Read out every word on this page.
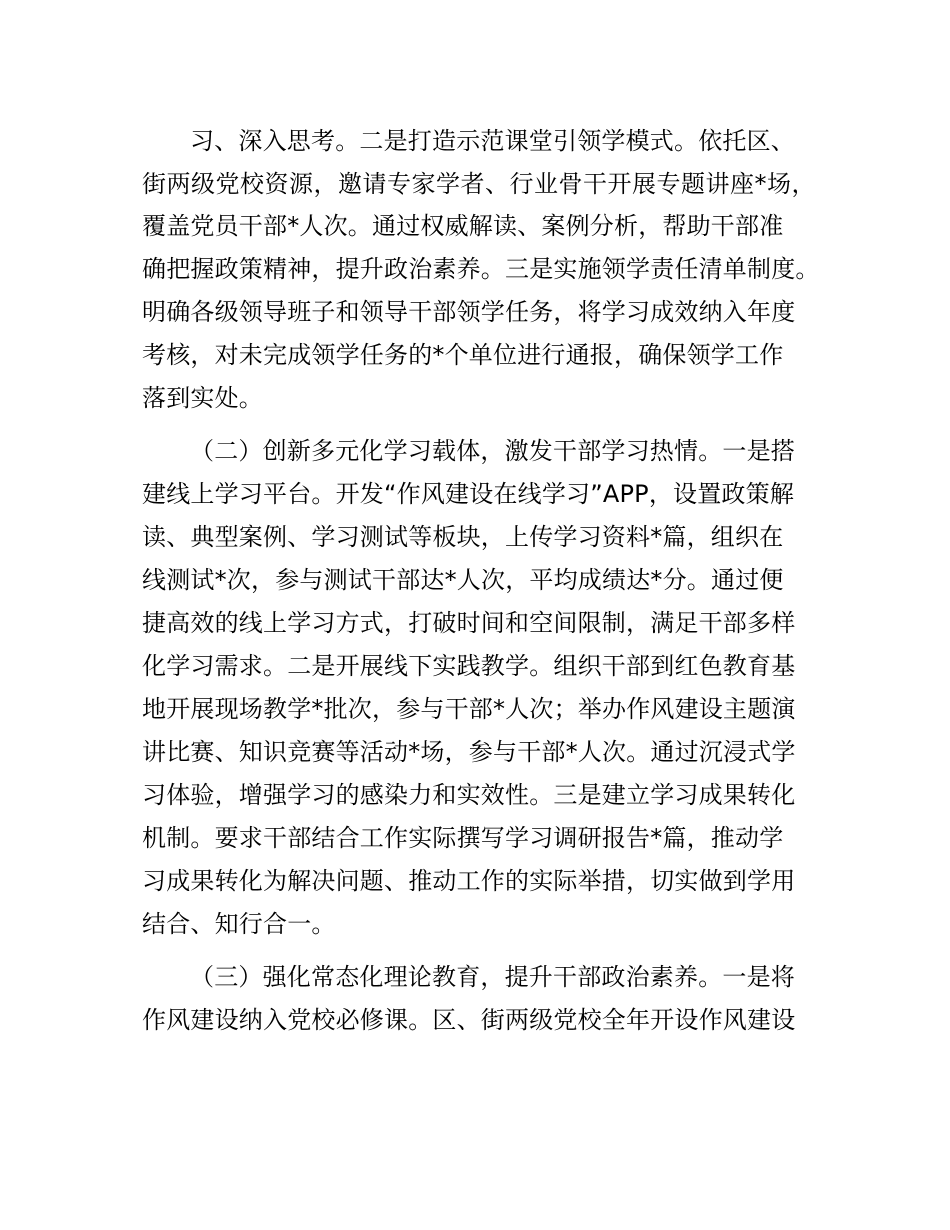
习、深入思考。二是打造示范课堂引领学模式。依托区、
街两级党校资源，邀请专家学者、行业骨干开展专题讲座*场，
覆盖党员干部*人次。通过权威解读、案例分析，帮助干部准
确把握政策精神，提升政治素养。三是实施领学责任清单制度。
明确各级领导班子和领导干部领学任务，将学习成效纳入年度
考核，对未完成领学任务的*个单位进行通报，确保领学工作
落到实处。
（二）创新多元化学习载体，激发干部学习热情。一是搭
建线上学习平台。开发“作风建设在线学习”APP，设置政策解
读、典型案例、学习测试等板块，上传学习资料*篇，组织在
线测试*次，参与测试干部达*人次，平均成绩达*分。通过便
捷高效的线上学习方式，打破时间和空间限制，满足干部多样
化学习需求。二是开展线下实践教学。组织干部到红色教育基
地开展现场教学*批次，参与干部*人次；举办作风建设主题演
讲比赛、知识竞赛等活动*场，参与干部*人次。通过沉浸式学
习体验，增强学习的感染力和实效性。三是建立学习成果转化
机制。要求干部结合工作实际撰写学习调研报告*篇，推动学
习成果转化为解决问题、推动工作的实际举措，切实做到学用
结合、知行合一。
（三）强化常态化理论教育，提升干部政治素养。一是将
作风建设纳入党校必修课。区、街两级党校全年开设作风建设
